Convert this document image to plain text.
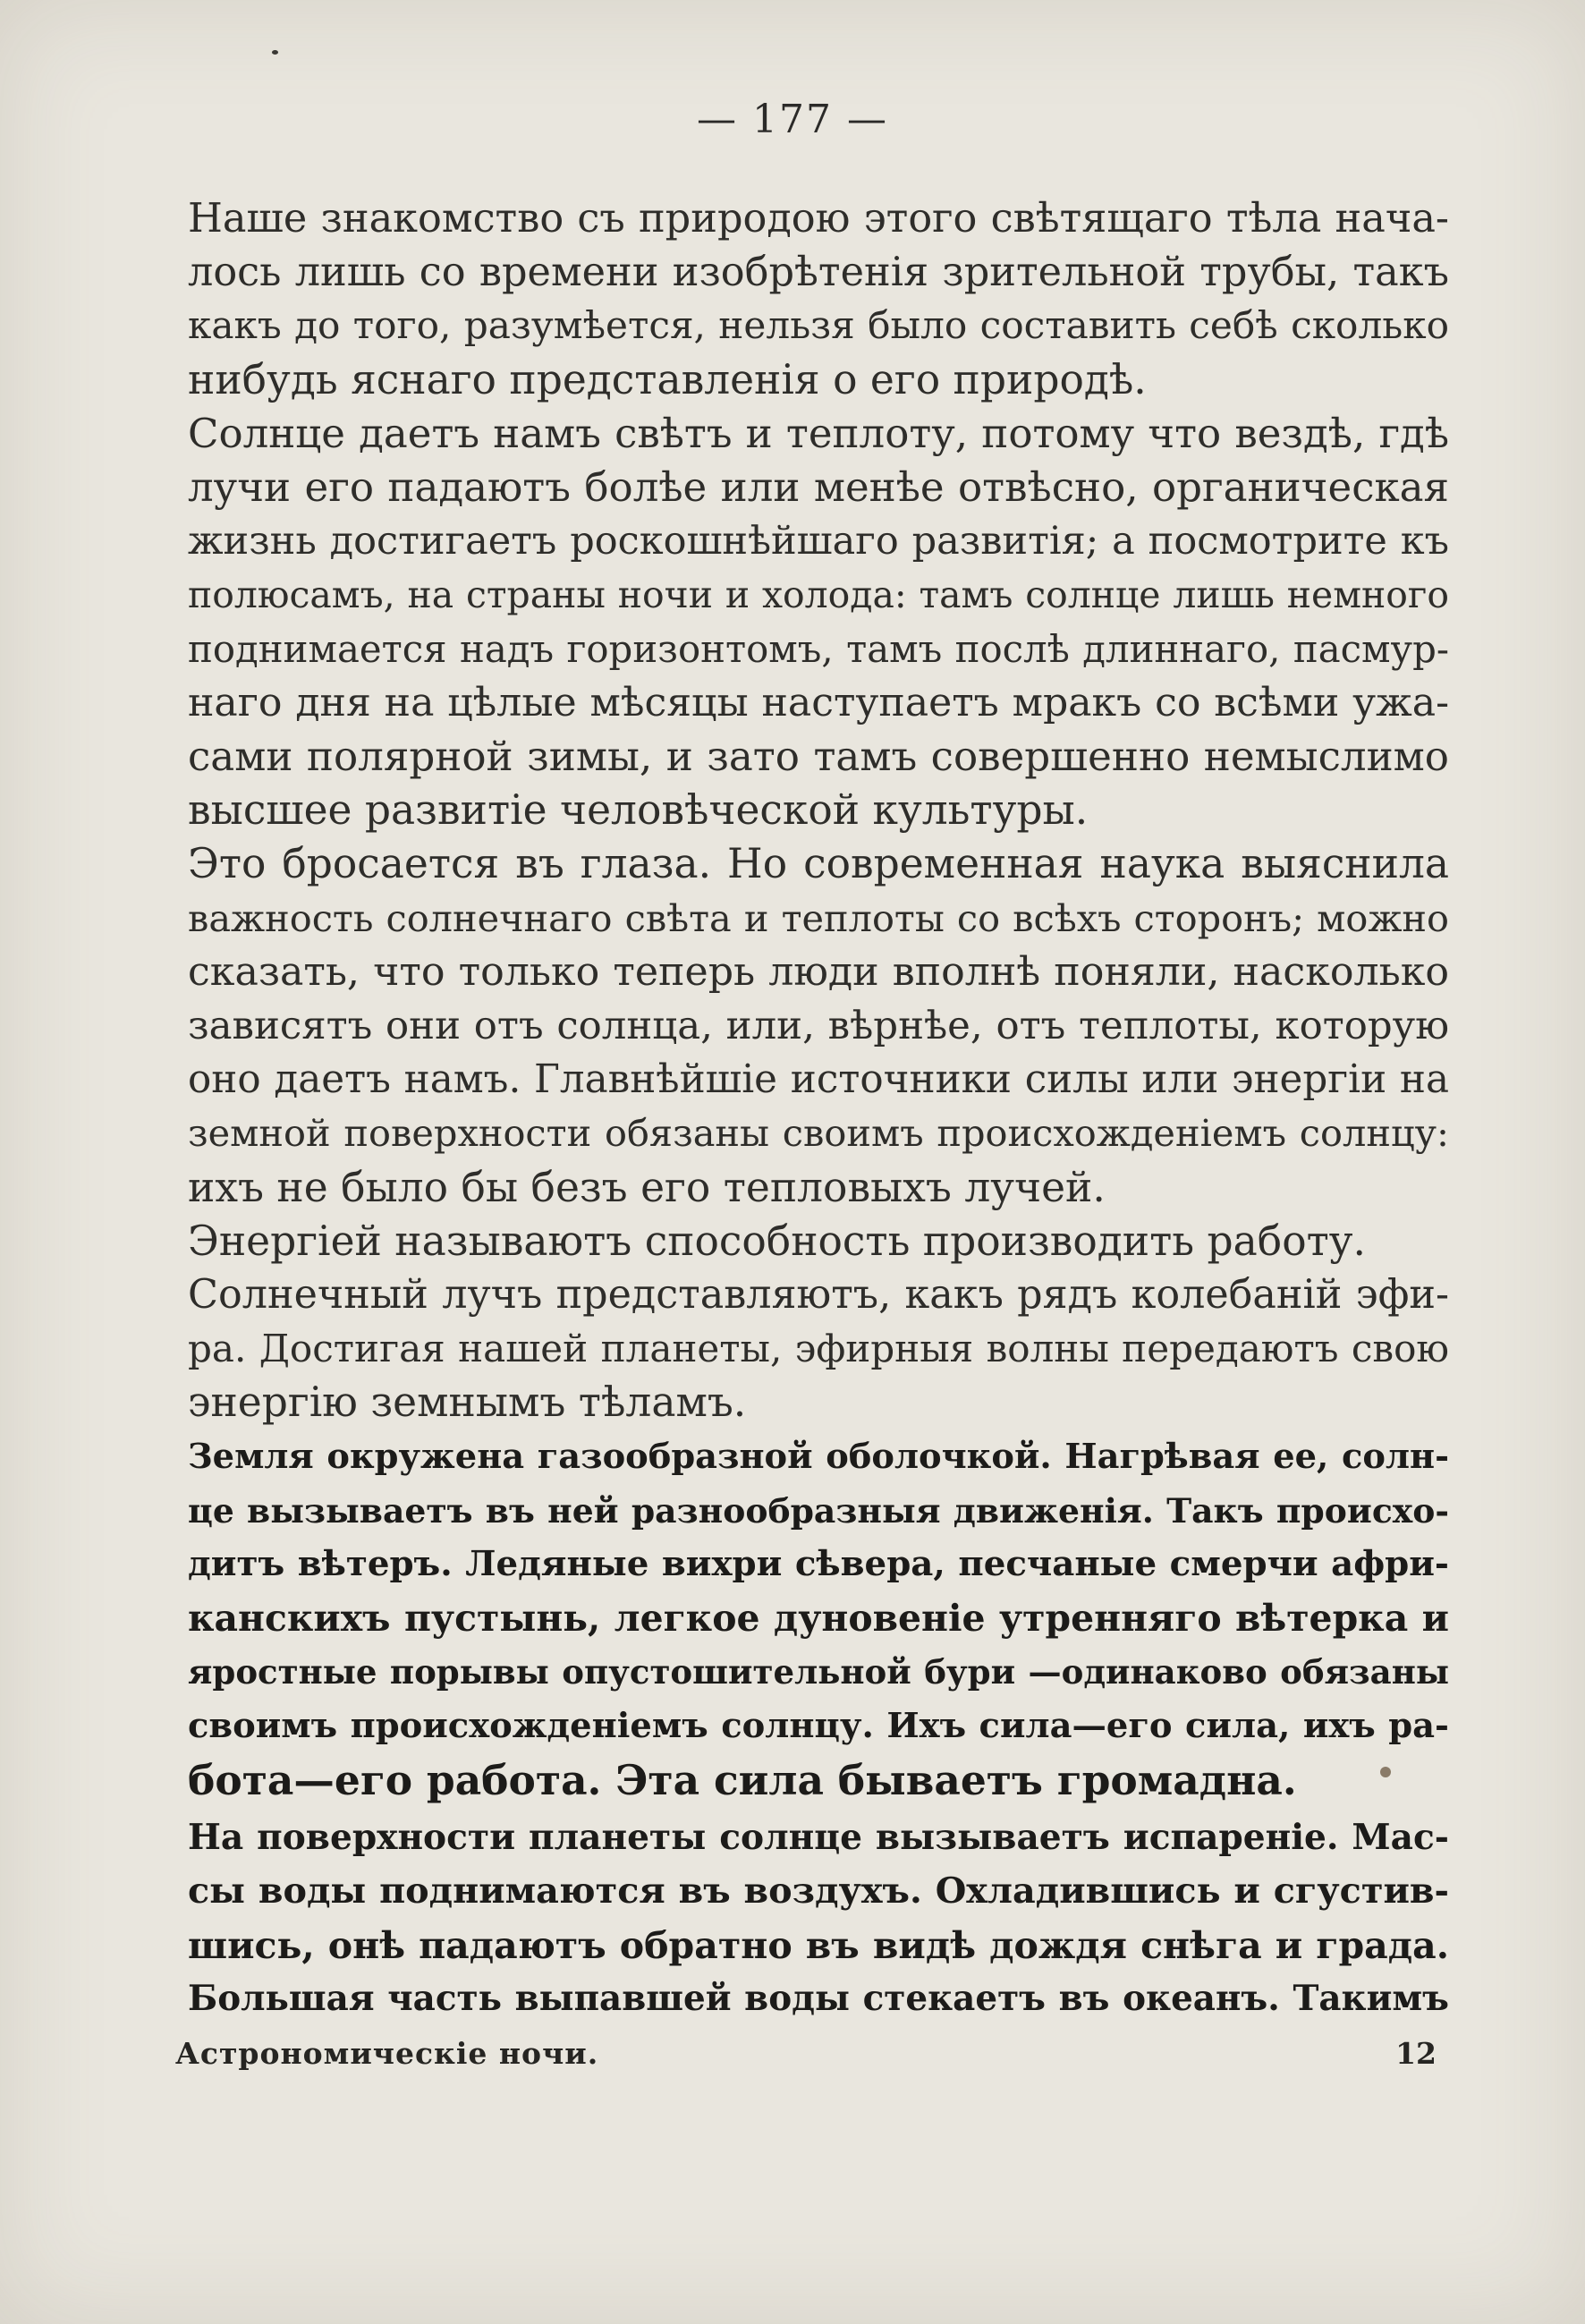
— 177 —
Наше знакомство съ природою этого свѣтящаго тѣла нача-
лось лишь со времени изобрѣтенія зрительной трубы, такъ
какъ до того, разумѣется, нельзя было составить себѣ сколько
нибудь яснаго представленія о его природѣ.
Солнце даетъ намъ свѣтъ и теплоту, потому что вездѣ, гдѣ
лучи его падаютъ болѣе или менѣе отвѣсно, органическая
жизнь достигаетъ роскошнѣйшаго развитія; а посмотрите къ
полюсамъ, на страны ночи и холода: тамъ солнце лишь немного
поднимается надъ горизонтомъ, тамъ послѣ длиннаго, пасмур-
наго дня на цѣлые мѣсяцы наступаетъ мракъ со всѣми ужа-
сами полярной зимы, и зато тамъ совершенно немыслимо
высшее развитіе человѣческой культуры.
Это бросается въ глаза. Но современная наука выяснила
важность солнечнаго свѣта и теплоты со всѣхъ сторонъ; можно
сказать, что только теперь люди вполнѣ поняли, насколько
зависятъ они отъ солнца, или, вѣрнѣе, отъ теплоты, которую
оно даетъ намъ. Главнѣйшіе источники силы или энергіи на
земной поверхности обязаны своимъ происхожденіемъ солнцу:
ихъ не было бы безъ его тепловыхъ лучей.
Энергіей называютъ способность производить работу.
Солнечный лучъ представляютъ, какъ рядъ колебаній эфи-
ра. Достигая нашей планеты, эфирныя волны передаютъ свою
энергію земнымъ тѣламъ.
Земля окружена газообразной оболочкой. Нагрѣвая ее, солн-
це вызываетъ въ ней разнообразныя движенія. Такъ происхо-
дитъ вѣтеръ. Ледяные вихри сѣвера, песчаные смерчи афри-
канскихъ пустынь, легкое дуновеніе утренняго вѣтерка и
яростные порывы опустошительной бури —одинаково обязаны
своимъ происхожденіемъ солнцу. Ихъ сила—его сила, ихъ ра-
бота—его работа. Эта сила бываетъ громадна.
На поверхности планеты солнце вызываетъ испареніе. Мас-
сы воды поднимаются въ воздухъ. Охладившись и сгустив-
шись, онѣ падаютъ обратно въ видѣ дождя снѣга и града.
Большая часть выпавшей воды стекаетъ въ океанъ. Такимъ
Астрономическіе ночи.	12
